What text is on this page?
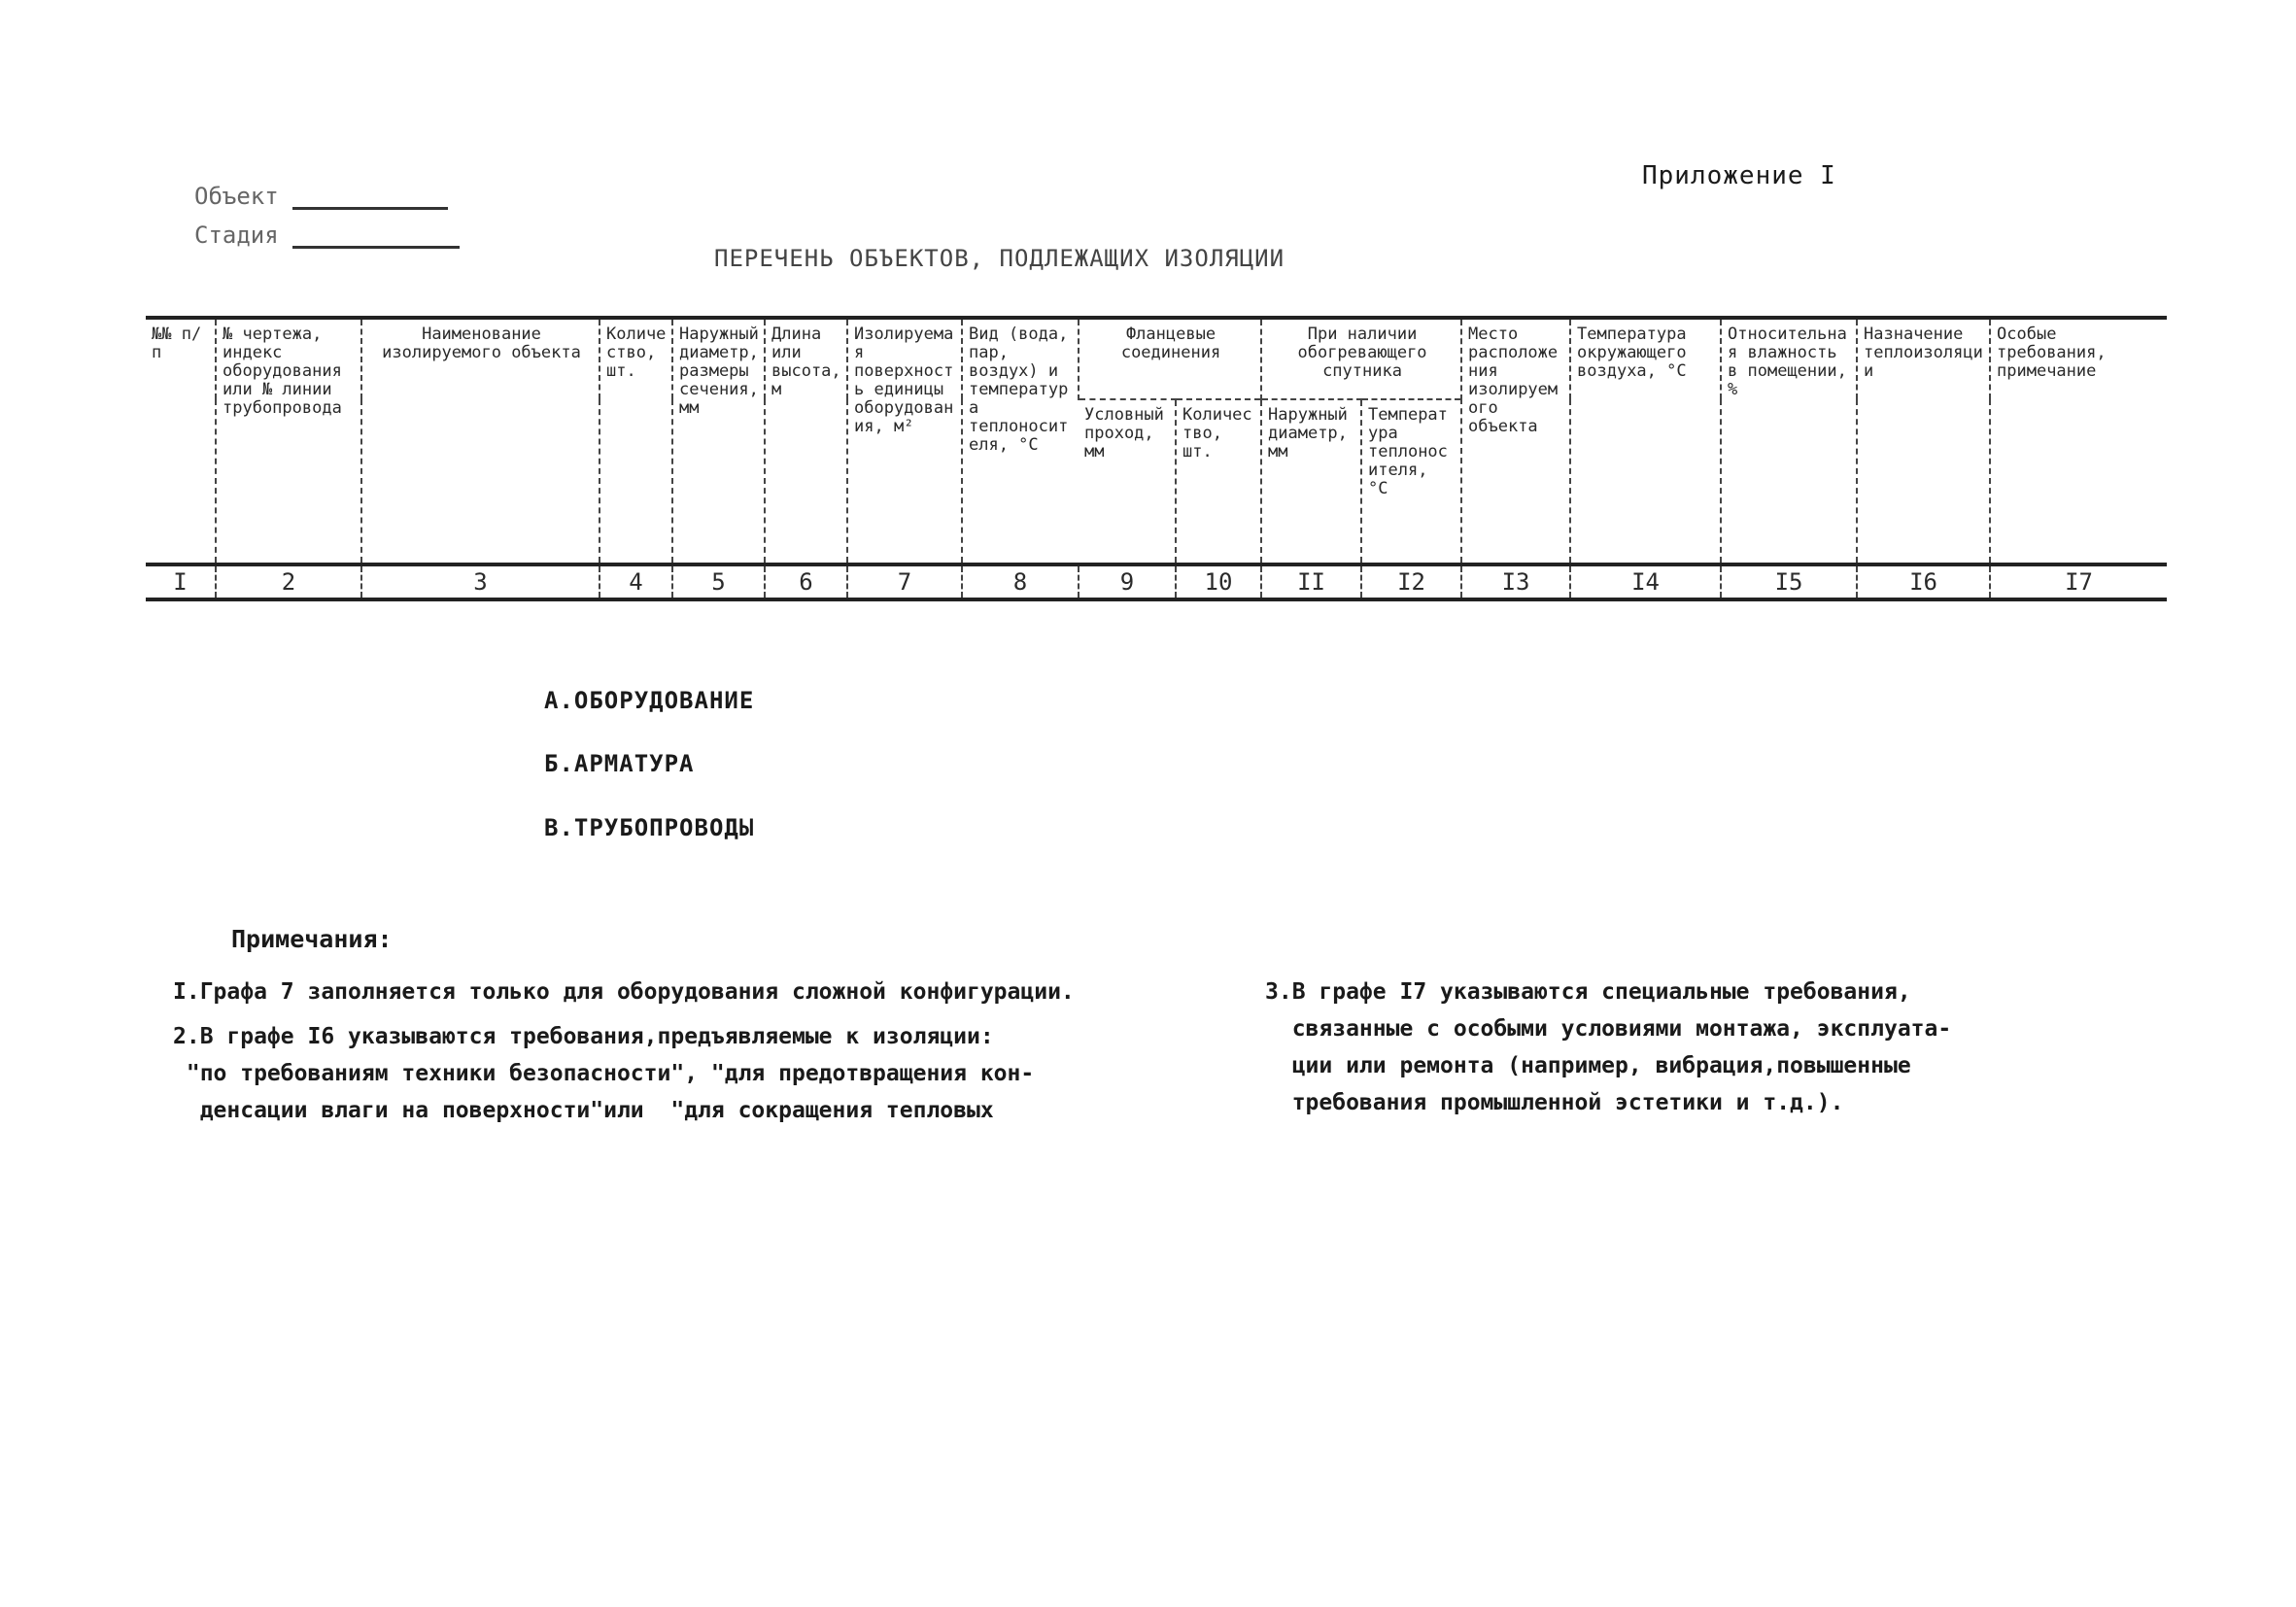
Приложение I
Объект
Стадия
ПЕРЕЧЕНЬ ОБЪЕКТОВ, ПОДЛЕЖАЩИХ ИЗОЛЯЦИИ
№№ п/п	№ чертежа, индекс оборудования или № линии трубопровода	Наименование изолируемого объекта	Количество, шт.	Наружный диаметр, размеры сечения, мм	Длина или высота, м	Изолируемая поверхность единицы оборудования, м²	Вид (вода, пар, воздух) и температура теплоносителя, °С	Фланцевые соединения		При наличии обогревающего спутника		Место расположения изолируемого объекта	Температура окружающего воздуха, °С	Относительная влажность в помещении, %	Назначение теплоизоляции	Особые требования, примечание
								Условный проход, мм	Количество, шт.	Наружный диаметр, мм	Температура теплоносителя, °С					
I	2	3	4	5	6	7	8	9	10	II	I2	I3	I4	I5	I6	I7
А.ОБОРУДОВАНИЕ
Б.АРМАТУРА
В.ТРУБОПРОВОДЫ
Примечания:
I.Графа 7 заполняется только для оборудования сложной конфигурации.
2.В графе I6 указываются требования,предъявляемые к изоляции:
"по требованиям техники безопасности", "для предотвращения кон-
денсации влаги на поверхности"или  "для сокращения тепловых
3.В графе I7 указываются специальные требования,
связанные с особыми условиями монтажа, эксплуата-
ции или ремонта (например, вибрация,повышенные
требования промышленной эстетики и т.д.).
